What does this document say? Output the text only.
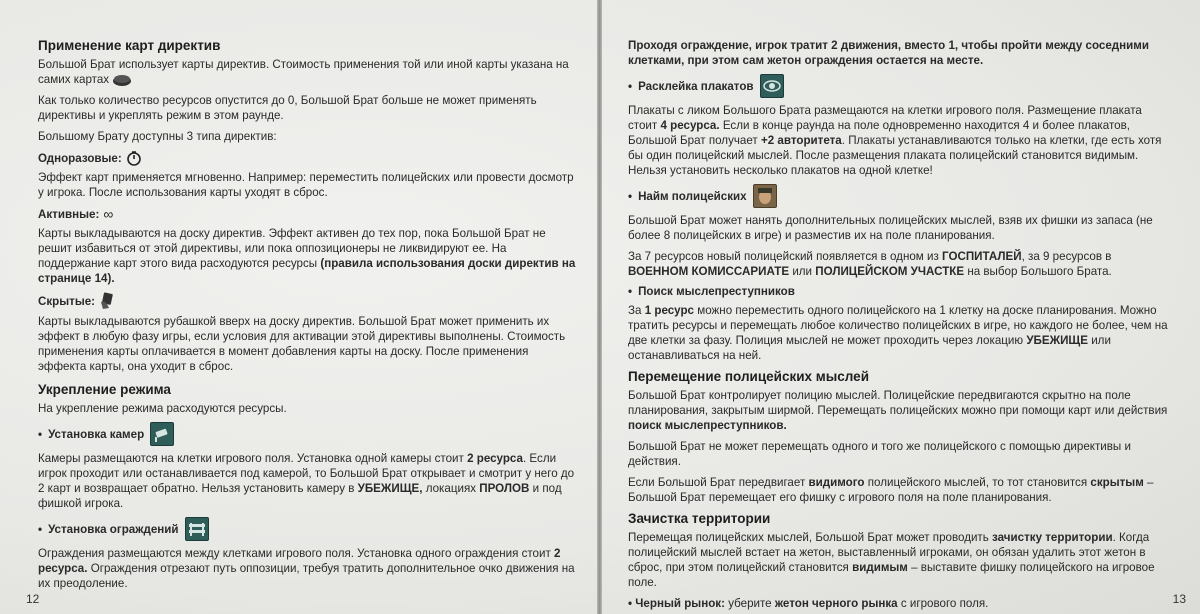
Применение карт директив

Большой Брат использует карты директив. Стоимость применения той или иной карты указана на самих картах

Как только количество ресурсов опустится до 0, Большой Брат больше не может применять директивы и укреплять режим в этом раунде.

Большому Брату доступны 3 типа директив:

Одноразовые:

Эффект карт применяется мгновенно. Например: переместить полицейских или провести досмотр у игрока. После использования карты уходят в сброс.

Активные: ∞

Карты выкладываются на доску директив. Эффект активен до тех пор, пока Большой Брат не решит избавиться от этой директивы, или пока оппозиционеры не ликвидируют ее. На поддержание карт этого вида расходуются ресурсы (правила использования доски директив на странице 14).

Скрытые:

Карты выкладываются рубашкой вверх на доску директив. Большой Брат может применить их эффект в любую фазу игры, если условия для активации этой директивы выполнены. Стоимость применения карты оплачивается в момент добавления карты на доску. После применения эффекта карты, она уходит в сброс.

Укрепление режима

На укрепление режима расходуются ресурсы.

• Установка камер

Камеры размещаются на клетки игрового поля. Установка одной камеры стоит 2 ресурса. Если игрок проходит или останавливается под камерой, то Большой Брат открывает и смотрит у него до 2 карт и возвращает обратно. Нельзя установить камеру в УБЕЖИЩЕ, локациях ПРОЛОВ и под фишкой игрока.

• Установка ограждений

Ограждения размещаются между клетками игрового поля. Установка одного ограждения стоит 2 ресурса. Ограждения отрезают путь оппозиции, требуя тратить дополнительное очко движения на их преодоление.

12

Проходя ограждение, игрок тратит 2 движения, вместо 1, чтобы пройти между соседними клетками, при этом сам жетон ограждения остается на месте.

• Расклейка плакатов

Плакаты с ликом Большого Брата размещаются на клетки игрового поля. Размещение плаката стоит 4 ресурса. Если в конце раунда на поле одновременно находится 4 и более плакатов, Большой Брат получает +2 авторитета. Плакаты устанавливаются только на клетки, где есть хотя бы один полицейский мыслей. После размещения плаката полицейский становится видимым. Нельзя установить несколько плакатов на одной клетке!

• Найм полицейских

Большой Брат может нанять дополнительных полицейских мыслей, взяв их фишки из запаса (не более 8 полицейских в игре) и разместив их на поле планирования.

За 7 ресурсов новый полицейский появляется в одном из ГОСПИТАЛЕЙ, за 9 ресурсов в ВОЕННОМ КОМИССАРИАТЕ или ПОЛИЦЕЙСКОМ УЧАСТКЕ на выбор Большого Брата.

• Поиск мыслепреступников

За 1 ресурс можно переместить одного полицейского на 1 клетку на доске планирования. Можно тратить ресурсы и перемещать любое количество полицейских в игре, но каждого не более, чем на две клетки за фазу. Полиция мыслей не может проходить через локацию УБЕЖИЩЕ или останавливаться на ней.

Перемещение полицейских мыслей

Большой Брат контролирует полицию мыслей. Полицейские передвигаются скрытно на поле планирования, закрытым ширмой. Перемещать полицейских можно при помощи карт или действия поиск мыслепреступников.

Большой Брат не может перемещать одного и того же полицейского с помощью директивы и действия.

Если Большой Брат передвигает видимого полицейского мыслей, то тот становится скрытым – Большой Брат перемещает его фишку с игрового поля на поле планирования.

Зачистка территории

Перемещая полицейских мыслей, Большой Брат может проводить зачистку территории. Когда полицейский мыслей встает на жетон, выставленный игроками, он обязан удалить этот жетон в сброс, при этом полицейский становится видимым – выставите фишку полицейского на игровое поле.

• Черный рынок: уберите жетон черного рынка с игрового поля.	13
